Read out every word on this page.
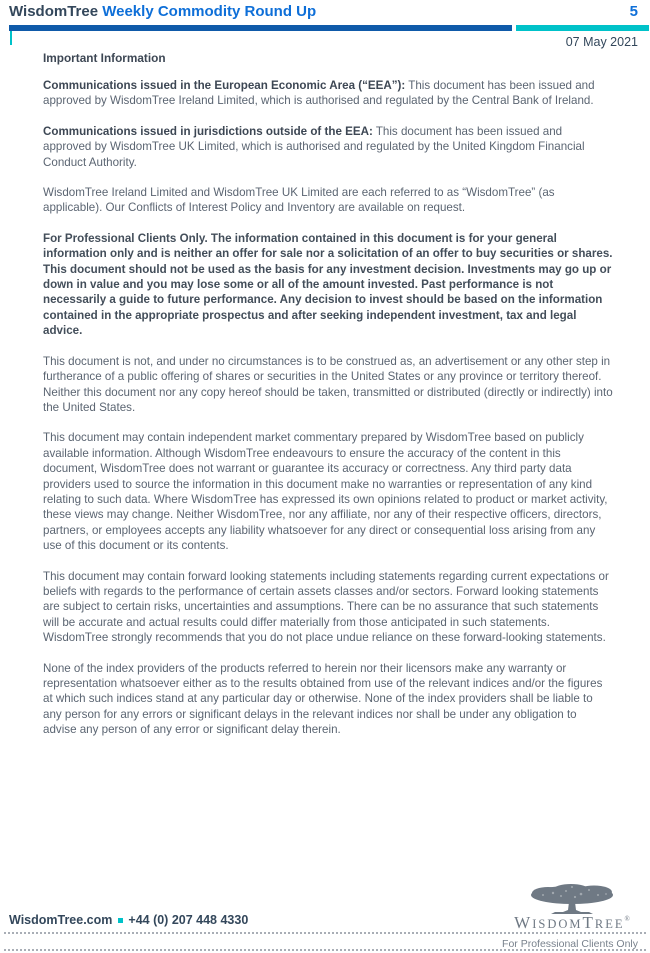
WisdomTree Weekly Commodity Round Up	5
07 May 2021
Important Information

Communications issued in the European Economic Area (“EEA”): This document has been issued and approved by WisdomTree Ireland Limited, which is authorised and regulated by the Central Bank of Ireland.

Communications issued in jurisdictions outside of the EEA: This document has been issued and approved by WisdomTree UK Limited, which is authorised and regulated by the United Kingdom Financial Conduct Authority.

WisdomTree Ireland Limited and WisdomTree UK Limited are each referred to as “WisdomTree” (as applicable). Our Conflicts of Interest Policy and Inventory are available on request.

For Professional Clients Only. The information contained in this document is for your general information only and is neither an offer for sale nor a solicitation of an offer to buy securities or shares. This document should not be used as the basis for any investment decision. Investments may go up or down in value and you may lose some or all of the amount invested. Past performance is not necessarily a guide to future performance. Any decision to invest should be based on the information contained in the appropriate prospectus and after seeking independent investment, tax and legal advice.

This document is not, and under no circumstances is to be construed as, an advertisement or any other step in furtherance of a public offering of shares or securities in the United States or any province or territory thereof. Neither this document nor any copy hereof should be taken, transmitted or distributed (directly or indirectly) into the United States.

This document may contain independent market commentary prepared by WisdomTree based on publicly available information. Although WisdomTree endeavours to ensure the accuracy of the content in this document, WisdomTree does not warrant or guarantee its accuracy or correctness. Any third party data providers used to source the information in this document make no warranties or representation of any kind relating to such data. Where WisdomTree has expressed its own opinions related to product or market activity, these views may change. Neither WisdomTree, nor any affiliate, nor any of their respective officers, directors, partners, or employees accepts any liability whatsoever for any direct or consequential loss arising from any use of this document or its contents.

This document may contain forward looking statements including statements regarding current expectations or beliefs with regards to the performance of certain assets classes and/or sectors. Forward looking statements are subject to certain risks, uncertainties and assumptions. There can be no assurance that such statements will be accurate and actual results could differ materially from those anticipated in such statements. WisdomTree strongly recommends that you do not place undue reliance on these forward-looking statements.

None of the index providers of the products referred to herein nor their licensors make any warranty or representation whatsoever either as to the results obtained from use of the relevant indices and/or the figures at which such indices stand at any particular day or otherwise. None of the index providers shall be liable to any person for any errors or significant delays in the relevant indices nor shall be under any obligation to advise any person of any error or significant delay therein.

WisdomTree.com +44 (0) 207 448 4330	WISDOMTREE®
For Professional Clients Only
